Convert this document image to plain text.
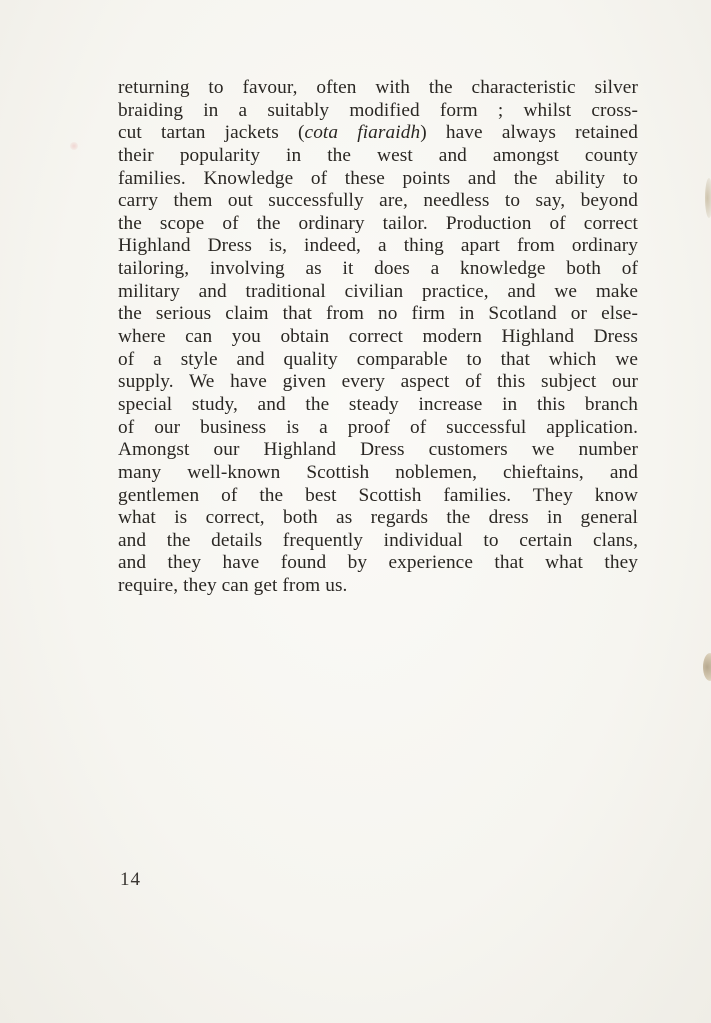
returning to favour, often with the characteristic silver
braiding in a suitably modified form ; whilst cross-
cut tartan jackets (cota fiaraidh) have always retained
their popularity in the west and amongst county
families. Knowledge of these points and the ability to
carry them out successfully are, needless to say, beyond
the scope of the ordinary tailor. Production of correct
Highland Dress is, indeed, a thing apart from ordinary
tailoring, involving as it does a knowledge both of
military and traditional civilian practice, and we make
the serious claim that from no firm in Scotland or else-
where can you obtain correct modern Highland Dress
of a style and quality comparable to that which we
supply. We have given every aspect of this subject our
special study, and the steady increase in this branch
of our business is a proof of successful application.
Amongst our Highland Dress customers we number
many well-known Scottish noblemen, chieftains, and
gentlemen of the best Scottish families. They know
what is correct, both as regards the dress in general
and the details frequently individual to certain clans,
and they have found by experience that what they
require, they can get from us.
14
